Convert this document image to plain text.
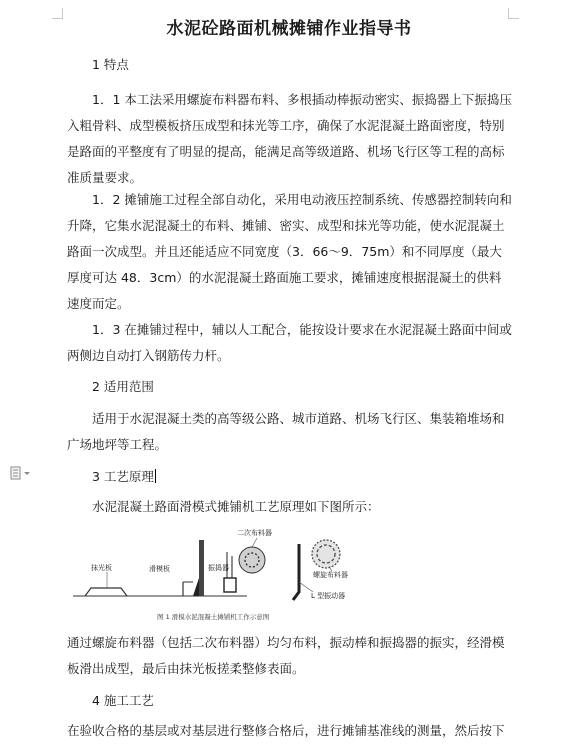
水泥砼路面机械摊铺作业指导书

1 特点

1．1 本工法采用螺旋布料器布料、多根插动棒振动密实、振捣器上下振捣压入粗骨料、成型模板挤压成型和抹光等工序，确保了水泥混凝土路面密度，特别是路面的平整度有了明显的提高，能满足高等级道路、机场飞行区等工程的高标准质量要求。

1．2 摊铺施工过程全部自动化，采用电动液压控制系统、传感器控制转向和升降，它集水泥混凝土的布料、摊铺、密实、成型和抹光等功能，使水泥混凝土路面一次成型。并且还能适应不同宽度（3．66～9．75m）和不同厚度（最大厚度可达 48．3cm）的水泥混凝土路面施工要求，摊铺速度根据混凝土的供料速度而定。

1．3 在摊铺过程中，辅以人工配合，能按设计要求在水泥混凝土路面中间或两侧边自动打入钢筋传力杆。

2 适用范围

适用于水泥混凝土类的高等级公路、城市道路、机场飞行区、集装箱堆场和广场地坪等工程。

3 工艺原理

水泥混凝土路面滑模式摊铺机工艺原理如下图所示：

抹光板	滑模板	振捣器
二次布料器
L 型振动器
螺旋布料器
图 1 滑模水泥混凝土摊铺机工作示意图

通过螺旋布料器（包括二次布料器）均匀布料，振动棒和振捣器的振实，经滑模板滑出成型，最后由抹光板搓柔整修表面。

4 施工工艺

在验收合格的基层或对基层进行整修合格后，进行摊铺基准线的测量，然后按下
